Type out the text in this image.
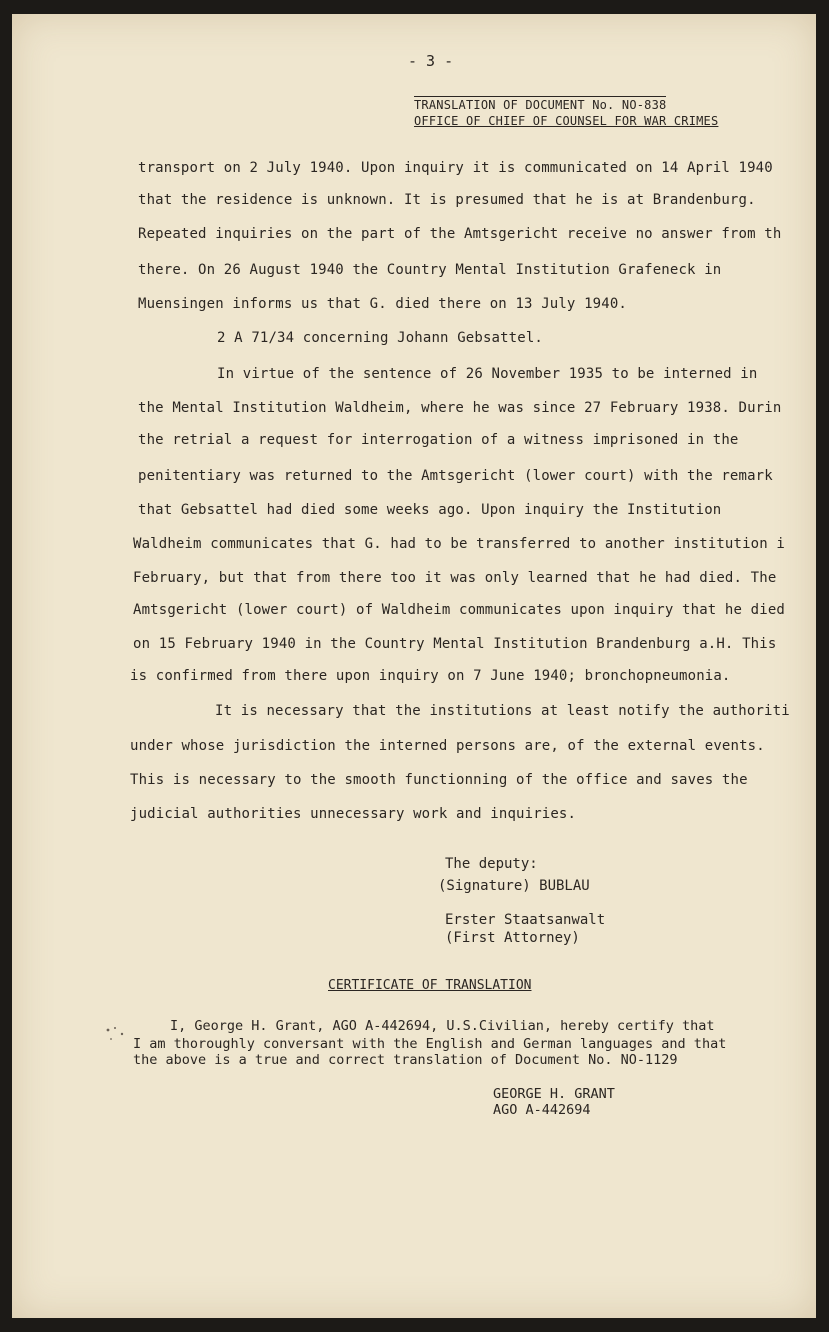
- 3 -
TRANSLATION OF DOCUMENT No. NO-838
OFFICE OF CHIEF OF COUNSEL FOR WAR CRIMES
transport on 2 July 1940. Upon inquiry it is communicated on 14 April 1940
that the residence is unknown. It is presumed that he is at Brandenburg.
Repeated inquiries on the part of the Amtsgericht receive no answer from th
there. On 26 August 1940 the Country Mental Institution Grafeneck in
Muensingen informs us that G. died there on 13 July 1940.
2 A 71/34 concerning Johann Gebsattel.
In virtue of the sentence of 26 November 1935 to be interned in
the Mental Institution Waldheim, where he was since 27 February 1938. Durin
the retrial a request for interrogation of a witness imprisoned in the
penitentiary was returned to the Amtsgericht (lower court) with the remark
that Gebsattel had died some weeks ago. Upon inquiry the Institution
Waldheim communicates that G. had to be transferred to another institution i
February, but that from there too it was only learned that he had died. The
Amtsgericht (lower court) of Waldheim communicates upon inquiry that he died
on 15 February 1940 in the Country Mental Institution Brandenburg a.H. This
is confirmed from there upon inquiry on 7 June 1940; bronchopneumonia.
It is necessary that the institutions at least notify the authoriti
under whose jurisdiction the interned persons are, of the external events.
This is necessary to the smooth functionning of the office and saves the
judicial authorities unnecessary work and inquiries.
The deputy:
(Signature) BUBLAU
Erster Staatsanwalt
(First Attorney)
CERTIFICATE OF TRANSLATION
I, George H. Grant, AGO A-442694, U.S.Civilian, hereby certify that
I am thoroughly conversant with the English and German languages and that
the above is a true and correct translation of Document No. NO-1129
GEORGE H. GRANT
AGO A-442694
